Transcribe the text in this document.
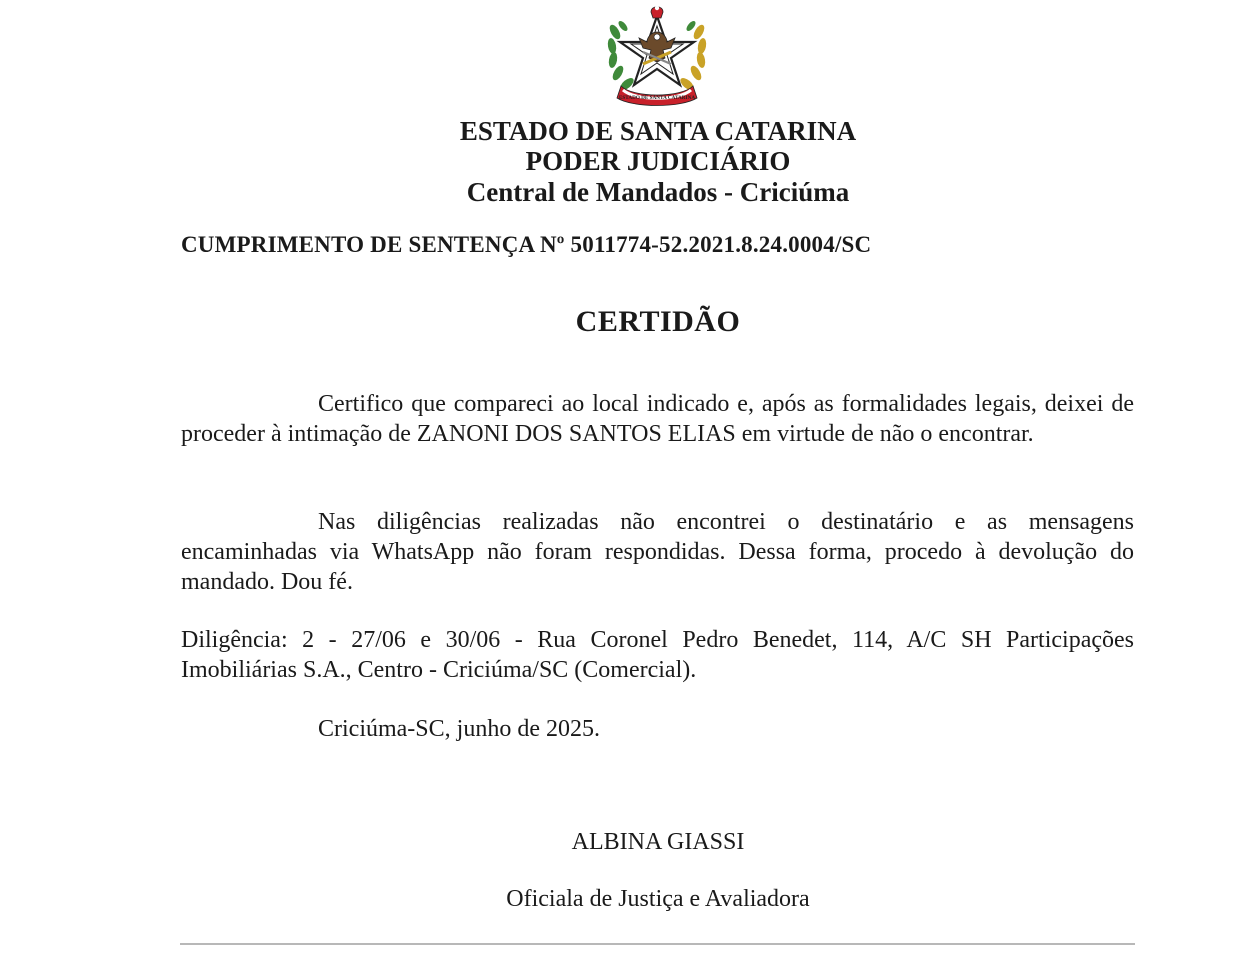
ESTADO DE SANTA CATARINA
ESTADO DE SANTA CATARINA
PODER JUDICIÁRIO
Central de Mandados - Criciúma
CUMPRIMENTO DE SENTENÇA Nº 5011774-52.2021.8.24.0004/SC
CERTIDÃO
Certifico que compareci ao local indicado e, após as formalidades legais, deixei de proceder à intimação de ZANONI DOS SANTOS ELIAS em virtude de não o encontrar.
Nas diligências realizadas não encontrei o destinatário e as mensagens encaminhadas via WhatsApp não foram respondidas. Dessa forma, procedo à devolução do mandado. Dou fé.
Diligência: 2 - 27/06 e 30/06 - Rua Coronel Pedro Benedet, 114, A/C SH Participações Imobiliárias S.A., Centro - Criciúma/SC (Comercial).
Criciúma-SC, junho de 2025.
ALBINA GIASSI
Oficiala de Justiça e Avaliadora
